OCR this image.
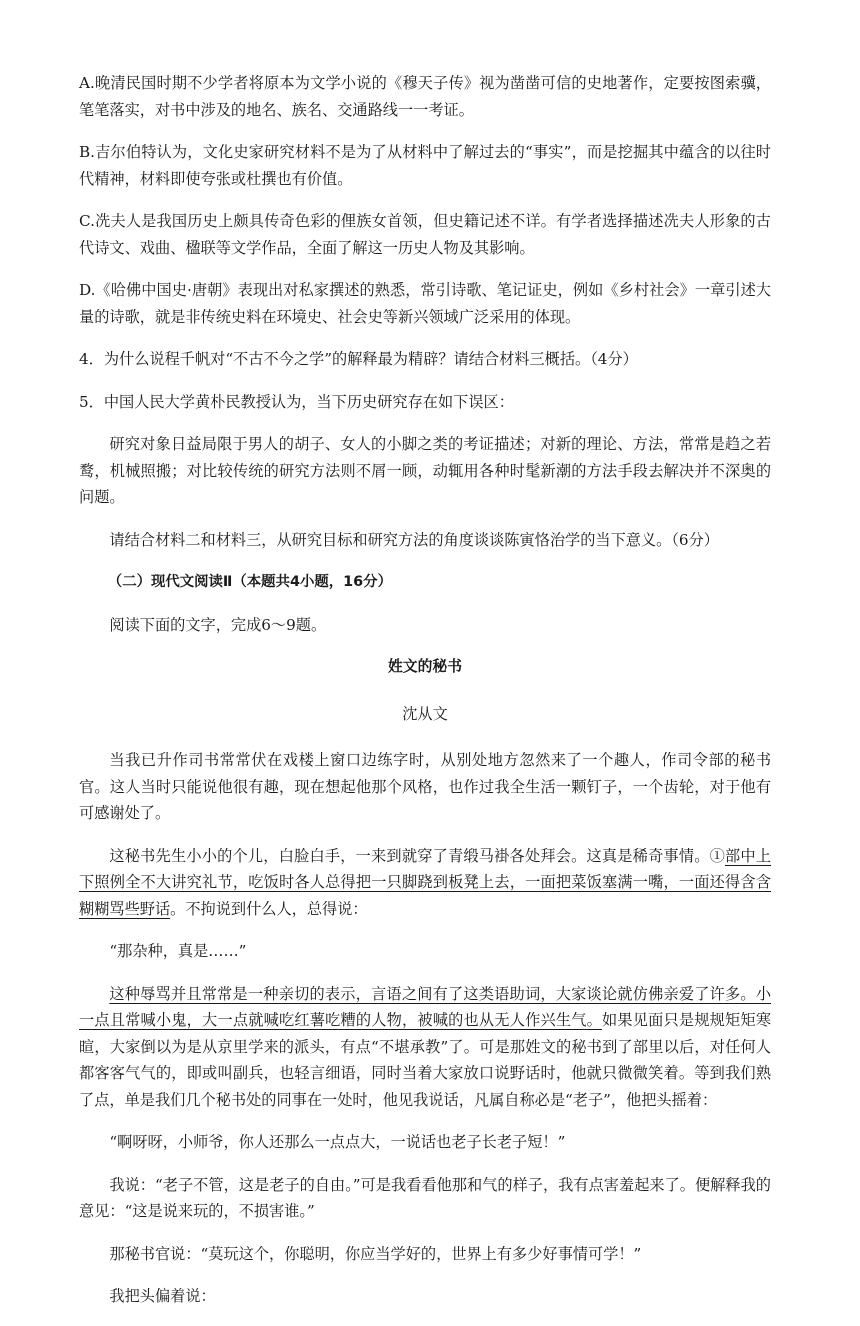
A.晚清民国时期不少学者将原本为文学小说的《穆天子传》视为凿凿可信的史地著作，定要按图索骥，笔笔落实，对书中涉及的地名、族名、交通路线一一考证。

B.吉尔伯特认为，文化史家研究材料不是为了从材料中了解过去的“事实”，而是挖掘其中蕴含的以往时代精神，材料即使夸张或杜撰也有价值。

C.冼夫人是我国历史上颇具传奇色彩的俚族女首领，但史籍记述不详。有学者选择描述冼夫人形象的古代诗文、戏曲、楹联等文学作品，全面了解这一历史人物及其影响。

D.《哈佛中国史·唐朝》表现出对私家撰述的熟悉，常引诗歌、笔记证史，例如《乡村社会》一章引述大量的诗歌，就是非传统史料在环境史、社会史等新兴领域广泛采用的体现。

4．为什么说程千帆对“不古不今之学”的解释最为精辟？请结合材料三概括。（4分）

5．中国人民大学黄朴民教授认为，当下历史研究存在如下误区：

研究对象日益局限于男人的胡子、女人的小脚之类的考证描述；对新的理论、方法，常常是趋之若鹜，机械照搬；对比较传统的研究方法则不屑一顾，动辄用各种时髦新潮的方法手段去解决并不深奥的问题。

请结合材料二和材料三，从研究目标和研究方法的角度谈谈陈寅恪治学的当下意义。（6分）

（二）现代文阅读Ⅱ（本题共4小题，16分）

阅读下面的文字，完成6～9题。

姓文的秘书

沈从文

当我已升作司书常常伏在戏楼上窗口边练字时，从别处地方忽然来了一个趣人，作司令部的秘书官。这人当时只能说他很有趣，现在想起他那个风格，也作过我全生活一颗钉子，一个齿轮，对于他有可感谢处了。

这秘书先生小小的个儿，白脸白手，一来到就穿了青缎马褂各处拜会。这真是稀奇事情。①部中上下照例全不大讲究礼节，吃饭时各人总得把一只脚跷到板凳上去，一面把菜饭塞满一嘴，一面还得含含糊糊骂些野话。不拘说到什么人，总得说：

“那杂种，真是……”

这种辱骂并且常常是一种亲切的表示，言语之间有了这类语助词，大家谈论就仿佛亲爱了许多。小一点且常喊小鬼，大一点就喊吃红薯吃糟的人物，被喊的也从无人作兴生气。如果见面只是规规矩矩寒暄，大家倒以为是从京里学来的派头，有点“不堪承教”了。可是那姓文的秘书到了部里以后，对任何人都客客气气的，即或叫副兵，也轻言细语，同时当着大家放口说野话时，他就只微微笑着。等到我们熟了点，单是我们几个秘书处的同事在一处时，他见我说话，凡属自称必是“老子”，他把头摇着：

“啊呀呀，小师爷，你人还那么一点点大，一说话也老子长老子短！”

我说：“老子不管，这是老子的自由。”可是我看看他那和气的样子，我有点害羞起来了。便解释我的意见：“这是说来玩的，不损害谁。”

那秘书官说：“莫玩这个，你聪明，你应当学好的，世界上有多少好事情可学！”

我把头偏着说：
